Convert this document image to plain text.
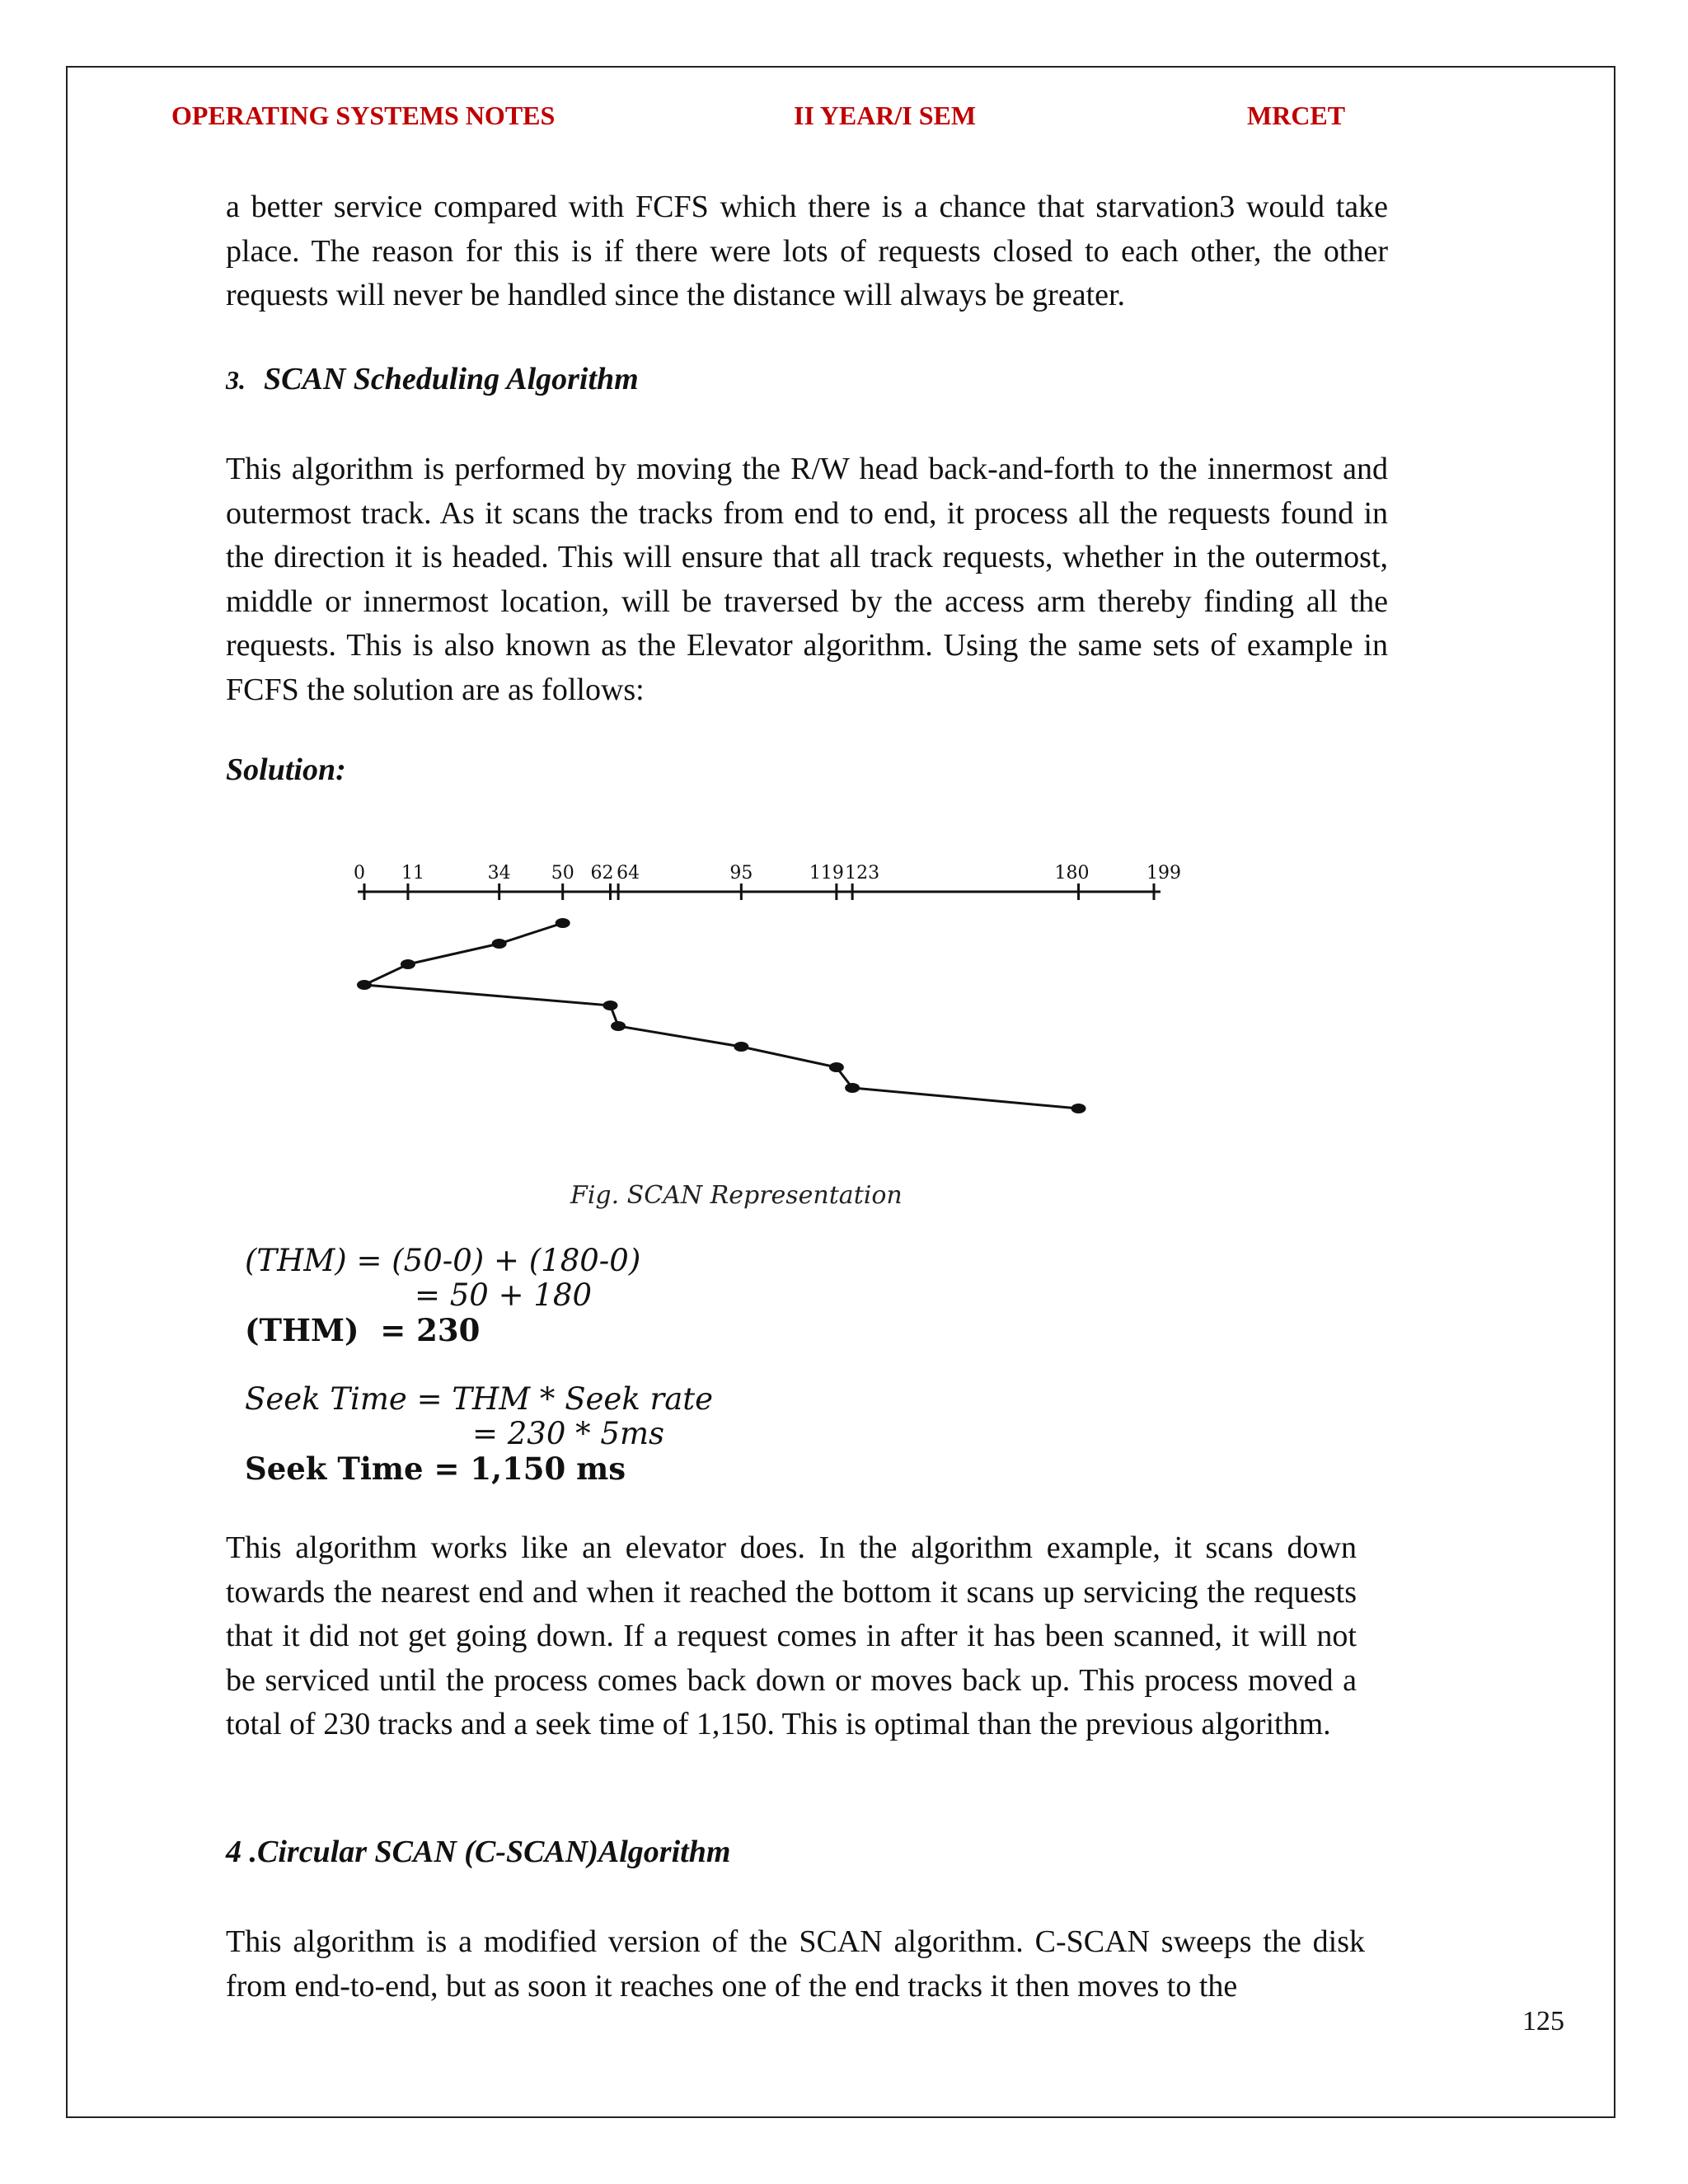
OPERATING SYSTEMS NOTES	II YEAR/I SEM	MRCET
a better service compared with FCFS which there is a chance that starvation3 would take place. The reason for this is if there were lots of requests closed to each other, the other requests will never be handled since the distance will always be greater.
3. SCAN Scheduling Algorithm
This algorithm is performed by moving the R/W head back-and-forth to the innermost and outermost track. As it scans the tracks from end to end, it process all the requests found in the direction it is headed. This will ensure that all track requests, whether in the outermost, middle or innermost location, will be traversed by the access arm thereby finding all the requests. This is also known as the Elevator algorithm. Using the same sets of example in FCFS the solution are as follows:
Solution:
0 11	34 50 62 64	95	119 123	180	199
Fig. SCAN Representation
(THM) = (50-0) + (180-0)
= 50 + 180
(THM) = 230
Seek Time = THM * Seek rate
= 230 * 5ms
Seek Time = 1,150 ms
This algorithm works like an elevator does. In the algorithm example, it scans down towards the nearest end and when it reached the bottom it scans up servicing the requests that it did not get going down. If a request comes in after it has been scanned, it will not be serviced until the process comes back down or moves back up. This process moved a total of 230 tracks and a seek time of 1,150. This is optimal than the previous algorithm.
4 .Circular SCAN (C-SCAN)Algorithm
This algorithm is a modified version of the SCAN algorithm. C-SCAN sweeps the disk from end-to-end, but as soon it reaches one of the end tracks it then moves to the
125
